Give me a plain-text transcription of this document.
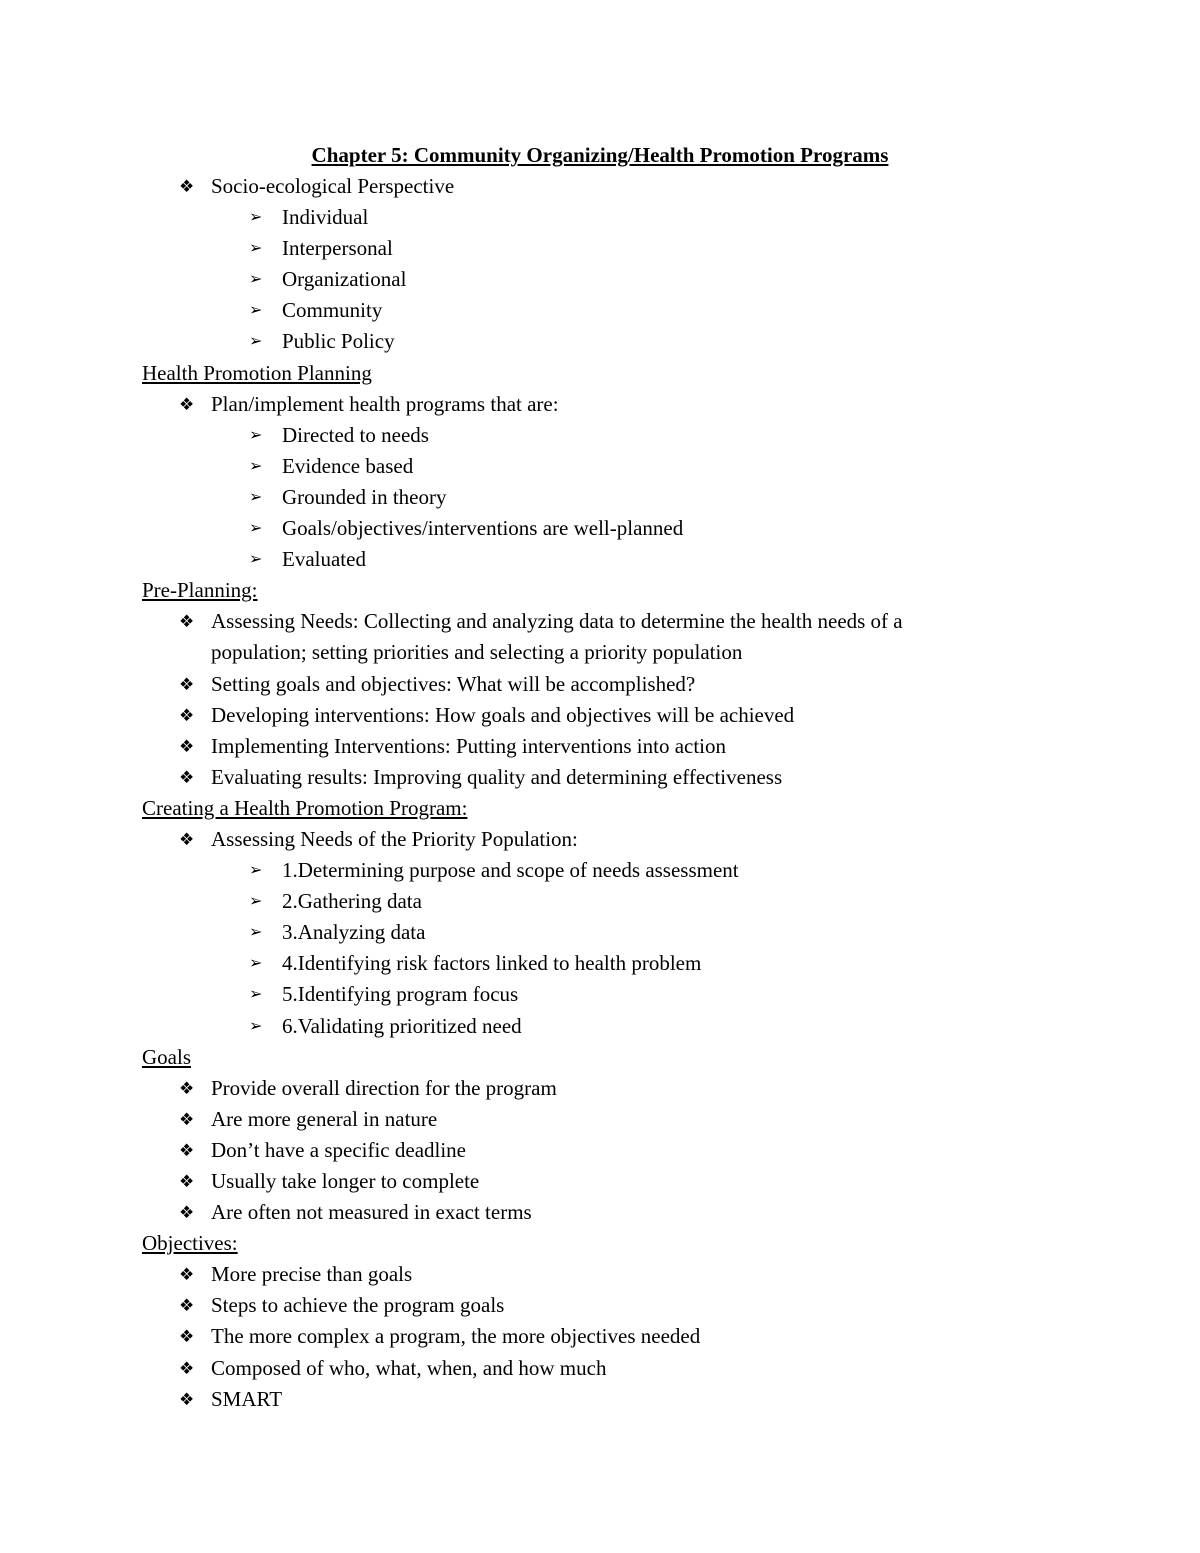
Chapter 5: Community Organizing/Health Promotion Programs
❖ Socio-ecological Perspective
➢ Individual
➢ Interpersonal
➢ Organizational
➢ Community
➢ Public Policy
Health Promotion Planning
❖ Plan/implement health programs that are:
➢ Directed to needs
➢ Evidence based
➢ Grounded in theory
➢ Goals/objectives/interventions are well-planned
➢ Evaluated
Pre-Planning:
❖ Assessing Needs: Collecting and analyzing data to determine the health needs of a
population; setting priorities and selecting a priority population
❖ Setting goals and objectives: What will be accomplished?
❖ Developing interventions: How goals and objectives will be achieved
❖ Implementing Interventions: Putting interventions into action
❖ Evaluating results: Improving quality and determining effectiveness
Creating a Health Promotion Program:
❖ Assessing Needs of the Priority Population:
➢ 1.Determining purpose and scope of needs assessment
➢ 2.Gathering data
➢ 3.Analyzing data
➢ 4.Identifying risk factors linked to health problem
➢ 5.Identifying program focus
➢ 6.Validating prioritized need
Goals
❖ Provide overall direction for the program
❖ Are more general in nature
❖ Don’t have a specific deadline
❖ Usually take longer to complete
❖ Are often not measured in exact terms
Objectives:
❖ More precise than goals
❖ Steps to achieve the program goals
❖ The more complex a program, the more objectives needed
❖ Composed of who, what, when, and how much
❖ SMART
